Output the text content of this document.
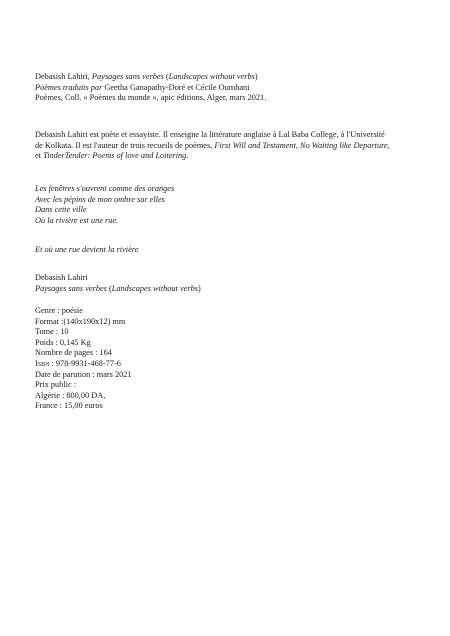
Debasish Lahiri, Paysages sans verbes (Landscapes without verbs)
Poèmes traduits par Geetha Ganapathy-Doré et Cécile Oumhani
Poèmes, Coll. « Poèmes du monde », apic éditions, Alger, mars 2021.
Debasish Lahiri est poète et essayiste. Il enseigne la littérature anglaise à Lal Baba College, à l'Université
de Kolkata. Il est l'auteur de trois recueils de poèmes, First Will and Testament, No Waiting like Departure,
et TinderTender: Poems of love and Loitering.
Les fenêtres s'ouvrent comme des oranges
Avec les pépins de mon ombre sur elles
Dans cette ville
Où la rivière est une rue.
Et où une rue devient la rivière
Debasish Lahiri
Paysages sans verbes (Landscapes without verbs)
Genre : poésie
Format :(140x190x12) mm
Tome : 10
Poids : 0,145 Kg
Nombre de pages : 164
Isbn : 978-9931-468-77-6
Date de parution : mars 2021
Prix public :
Algérie : 800,00 DA,
France : 15,00 euros
